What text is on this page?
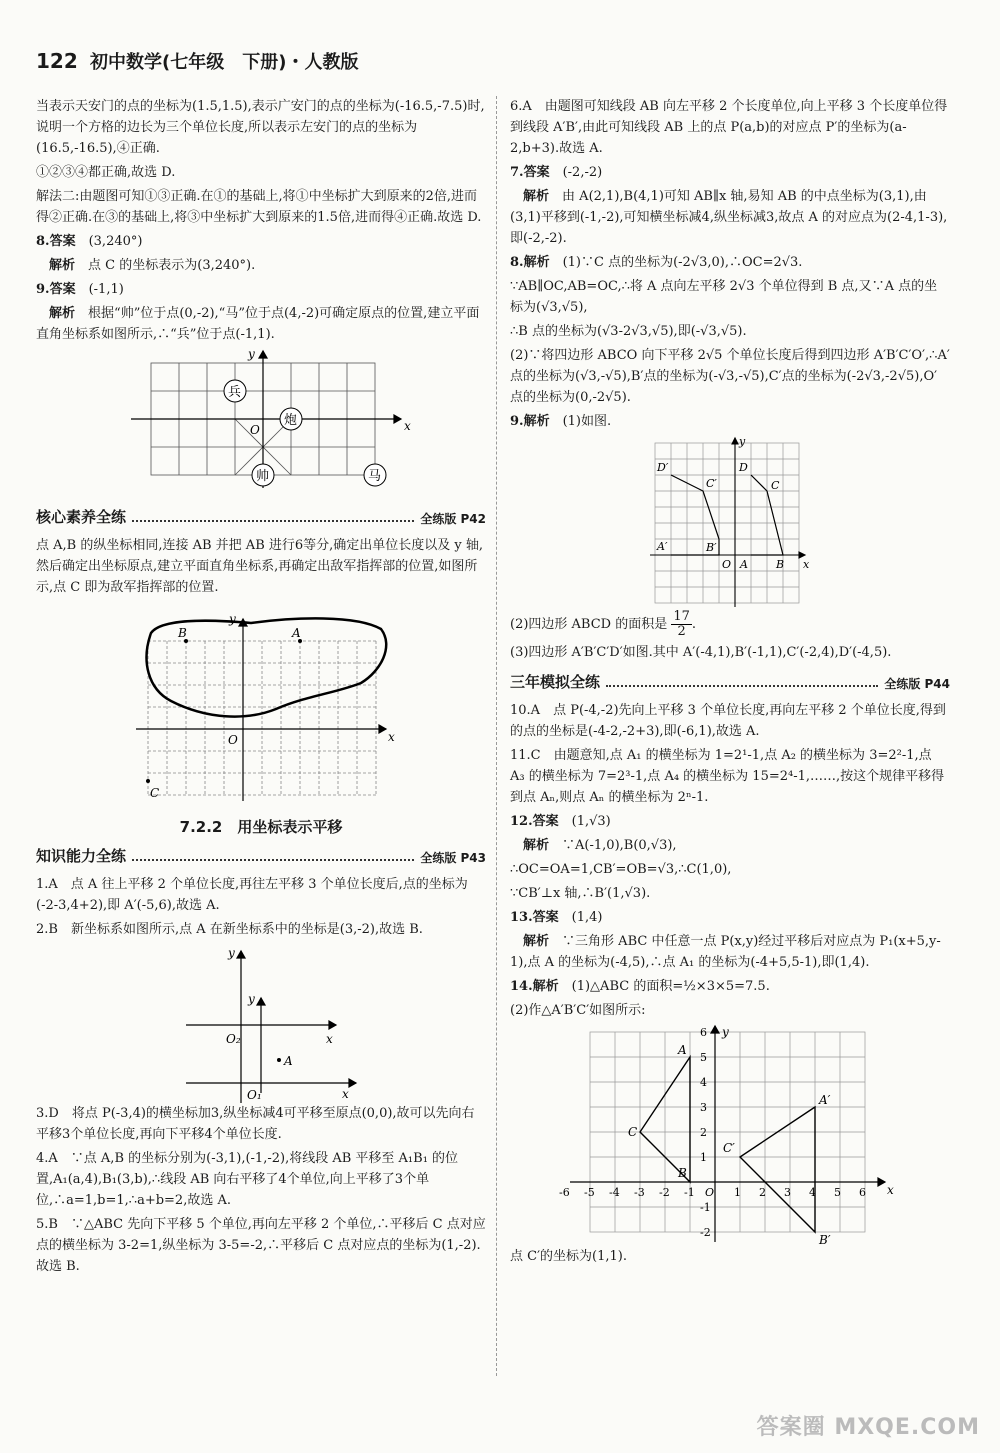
122 初中数学(七年级　下册)・人教版

当表示天安门的点的坐标为(1.5,1.5),表示广安门的点的坐标为(-16.5,-7.5)时,说明一个方格的边长为三个单位长度,所以表示左安门的点的坐标为(16.5,-16.5),④正确.

①②③④都正确,故选 D.

解法二:由题图可知①③正确.在①的基础上,将①中坐标扩大到原来的2倍,进而得②正确.在③的基础上,将③中坐标扩大到原来的1.5倍,进而得④正确.故选 D.

8.答案　 (3,240°)

　解析　 点 C 的坐标表示为(3,240°).

9.答案　 (-1,1)

　解析　 根据“帅”位于点(0,-2),“马”位于点(4,-2)可确定原点的位置,建立平面直角坐标系如图所示,∴“兵”位于点(-1,1).

x
y
O
兵
炮
帅	马
核心素养全练	全练版 P42

点 A,B 的纵坐标相同,连接 AB 并把 AB 进行6等分,确定出单位长度以及 y 轴,然后确定出坐标原点,建立平面直角坐标系,再确定出敌军指挥部的位置,如图所示,点 C 即为敌军指挥部的位置.

B	A
C
O	x
y
7.2.2　用坐标表示平移
知识能力全练	全练版 P43

1.A　点 A 往上平移 2 个单位长度,再往左平移 3 个单位长度后,点的坐标为(-2-3,4+2),即 A′(-5,6),故选 A.

2.B　新坐标系如图所示,点 A 在新坐标系中的坐标是(3,-2),故选 B.

y
y
x
x
O₂
O₁
A

3.D　将点 P(-3,4)的横坐标加3,纵坐标减4可平移至原点(0,0),故可以先向右平移3个单位长度,再向下平移4个单位长度.

4.A　∵点 A,B 的坐标分别为(-3,1),(-1,-2),将线段 AB 平移至 A₁B₁ 的位置,A₁(a,4),B₁(3,b),∴线段 AB 向右平移了4个单位,向上平移了3个单位,∴a=1,b=1,∴a+b=2,故选 A.

5.B　∵△ABC 先向下平移 5 个单位,再向左平移 2 个单位,∴平移后 C 点对应点的横坐标为 3-2=1,纵坐标为 3-5=-2,∴平移后 C 点对应点的坐标为(1,-2).故选 B.

6.A　由题图可知线段 AB 向左平移 2 个长度单位,向上平移 3 个长度单位得到线段 A′B′,由此可知线段 AB 上的点 P(a,b)的对应点 P′的坐标为(a-2,b+3).故选 A.

7.答案　 (-2,-2)

　解析　 由 A(2,1),B(4,1)可知 AB∥x 轴,易知 AB 的中点坐标为(3,1),由(3,1)平移到(-1,-2),可知横坐标减4,纵坐标减3,故点 A 的对应点为(2-4,1-3),即(-2,-2).

8.解析　 (1)∵C 点的坐标为(-2√3,0),∴OC=2√3.

∵AB∥OC,AB=OC,∴将 A 点向左平移 2√3 个单位得到 B 点,又∵A 点的坐标为(√3,√5),

∴B 点的坐标为(√3-2√3,√5),即(-√3,√5).

(2)∵将四边形 ABCO 向下平移 2√5 个单位长度后得到四边形 A′B′C′O′,∴A′点的坐标为(√3,-√5),B′点的坐标为(-√3,-√5),C′点的坐标为(-2√3,-2√5),O′点的坐标为(0,-2√5).

9.解析　 (1)如图.

D′
C′
A′	B′
D
C
A	B
O	x
y

(2)四边形 ABCD 的面积是 $\frac{17}{2}$ .

(3)四边形 A′B′C′D′如图.其中 A′(-4,1),B′(-1,1),C′(-2,4),D′(-4,5).

三年模拟全练	全练版 P44

10.A　点 P(-4,-2)先向上平移 3 个单位长度,再向左平移 2 个单位长度,得到的点的坐标是(-4-2,-2+3),即(-6,1),故选 A.

11.C　由题意知,点 A₁ 的横坐标为 1=2¹-1,点 A₂ 的横坐标为 3=2²-1,点 A₃ 的横坐标为 7=2³-1,点 A₄ 的横坐标为 15=2⁴-1,……,按这个规律平移得到点 Aₙ,则点 Aₙ 的横坐标为 2ⁿ-1.

12.答案　 (1,√3)

　解析　 ∵A(-1,0),B(0,√3),

∴OC=OA=1,CB′=OB=√3,∴C(1,0),

∵CB′⊥x 轴,∴B′(1,√3).

13.答案　 (1,4)

　解析　 ∵三角形 ABC 中任意一点 P(x,y)经过平移后对应点为 P₁(x+5,y-1),点 A 的坐标为(-4,5),∴点 A₁ 的坐标为(-4+5,5-1),即(1,4).

14.解析　 (1)△ABC 的面积=½×3×5=7.5.

(2)作△A′B′C′如图所示:

A
B
C
A′
B′
C′
x
y
O
-6 -5 -4 -3 -2 -1	1 2 3 4 5 6
6
5
4
3
2
1
-1
-2

点 C′的坐标为(1,1).

答案圈 MXQE.COM
